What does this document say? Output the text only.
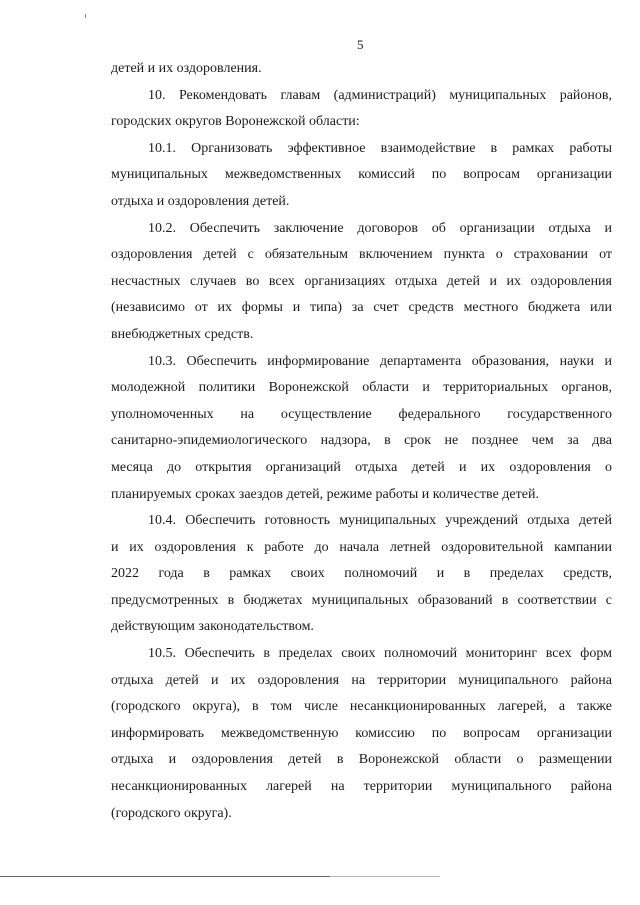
5

детей и их оздоровления.

10. Рекомендовать главам (администраций) муниципальных районов,
городских округов Воронежской области:

10.1. Организовать эффективное взаимодействие в рамках работы
муниципальных межведомственных комиссий по вопросам организации
отдыха и оздоровления детей.

10.2. Обеспечить заключение договоров об организации отдыха и
оздоровления детей с обязательным включением пункта о страховании от
несчастных случаев во всех организациях отдыха детей и их оздоровления
(независимо от их формы и типа) за счет средств местного бюджета или
внебюджетных средств.

10.3. Обеспечить информирование департамента образования, науки и
молодежной политики Воронежской области и территориальных органов,
уполномоченных на осуществление федерального государственного
санитарно-эпидемиологического надзора, в срок не позднее чем за два
месяца до открытия организаций отдыха детей и их оздоровления о
планируемых сроках заездов детей, режиме работы и количестве детей.

10.4. Обеспечить готовность муниципальных учреждений отдыха детей
и их оздоровления к работе до начала летней оздоровительной кампании
2022 года в рамках своих полномочий и в пределах средств,
предусмотренных в бюджетах муниципальных образований в соответствии с
действующим законодательством.

10.5. Обеспечить в пределах своих полномочий мониторинг всех форм
отдыха детей и их оздоровления на территории муниципального района
(городского округа), в том числе несанкционированных лагерей, а также
информировать межведомственную комиссию по вопросам организации
отдыха и оздоровления детей в Воронежской области о размещении
несанкционированных лагерей на территории муниципального района
(городского округа).
